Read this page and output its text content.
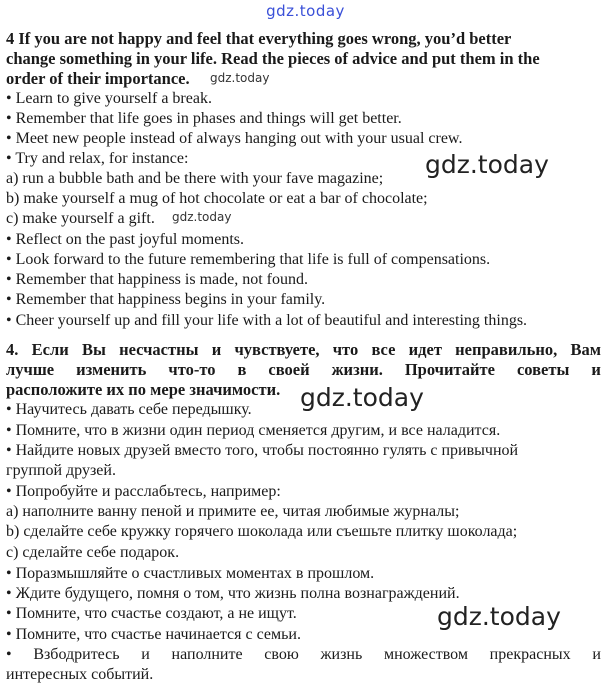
gdz.today
4 If you are not happy and feel that everything goes wrong, you’d better
change something in your life. Read the pieces of advice and put them in the
order of their importance.
• Learn to give yourself a break.
• Remember that life goes in phases and things will get better.
• Meet new people instead of always hanging out with your usual crew.
• Try and relax, for instance:
a) run a bubble bath and be there with your fave magazine;
b) make yourself a mug of hot chocolate or eat a bar of chocolate;
c) make yourself a gift.
• Reflect on the past joyful moments.
• Look forward to the future remembering that life is full of compensations.
• Remember that happiness is made, not found.
• Remember that happiness begins in your family.
• Cheer yourself up and fill your life with a lot of beautiful and interesting things.
4. Если Вы несчастны и чувствуете, что все идет неправильно, Вам
лучше изменить что-то в своей жизни. Прочитайте советы и
расположите их по мере значимости.
• Научитесь давать себе передышку.
• Помните, что в жизни один период сменяется другим, и все наладится.
• Найдите новых друзей вместо того, чтобы постоянно гулять с привычной
группой друзей.
• Попробуйте и расслабьтесь, например:
а) наполните ванну пеной и примите ее, читая любимые журналы;
b) сделайте себе кружку горячего шоколада или съешьте плитку шоколада;
c) сделайте себе подарок.
• Поразмышляйте о счастливых моментах в прошлом.
• Ждите будущего, помня о том, что жизнь полна вознаграждений.
• Помните, что счастье создают, а не ищут.
• Помните, что счастье начинается с семьи.
• Взбодритесь и наполните свою жизнь множеством прекрасных и
интересных событий.
gdz.today
gdz.today
gdz.today
gdz.today
gdz.today
